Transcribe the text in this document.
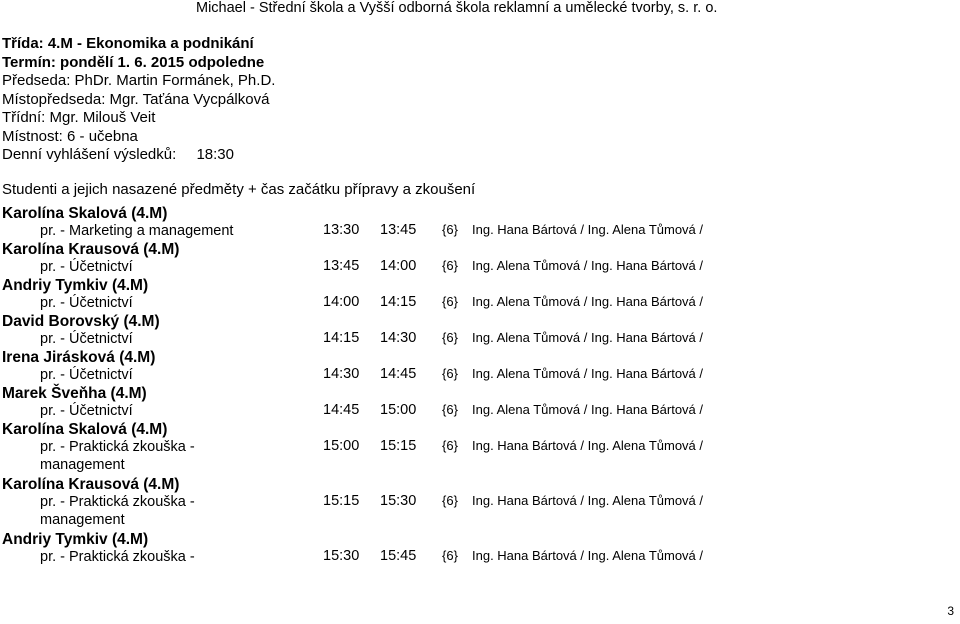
Michael - Střední škola a Vyšší odborná škola reklamní a umělecké tvorby, s. r. o.
Třída: 4.M - Ekonomika a podnikání
Termín: pondělí 1. 6. 2015 odpoledne
Předseda: PhDr. Martin Formánek, Ph.D.
Místopředseda: Mgr. Taťána Vycpálková
Třídní: Mgr. Milouš Veit
Místnost: 6 - učebna
Denní vyhlášení výsledků: 18:30
Studenti a jejich nasazené předměty + čas začátku přípravy a zkoušení
Karolína Skalová (4.M)
pr. - Marketing a management	13:30 13:45 {6} Ing. Hana Bártová / Ing. Alena Tůmová /
Karolína Krausová (4.M)
pr. - Účetnictví	13:45 14:00 {6} Ing. Alena Tůmová / Ing. Hana Bártová /
Andriy Tymkiv (4.M)
pr. - Účetnictví	14:00 14:15 {6} Ing. Alena Tůmová / Ing. Hana Bártová /
David Borovský (4.M)
pr. - Účetnictví	14:15 14:30 {6} Ing. Alena Tůmová / Ing. Hana Bártová /
Irena Jirásková (4.M)
pr. - Účetnictví	14:30 14:45 {6} Ing. Alena Tůmová / Ing. Hana Bártová /
Marek Šveňha (4.M)
pr. - Účetnictví	14:45 15:00 {6} Ing. Alena Tůmová / Ing. Hana Bártová /
Karolína Skalová (4.M)
pr. - Praktická zkouška - management
15:00 15:15 {6} Ing. Hana Bártová / Ing. Alena Tůmová /
Karolína Krausová (4.M)
pr. - Praktická zkouška - management
15:15 15:30 {6} Ing. Hana Bártová / Ing. Alena Tůmová /
Andriy Tymkiv (4.M)
pr. - Praktická zkouška -	15:30 15:45 {6} Ing. Hana Bártová / Ing. Alena Tůmová /
3
